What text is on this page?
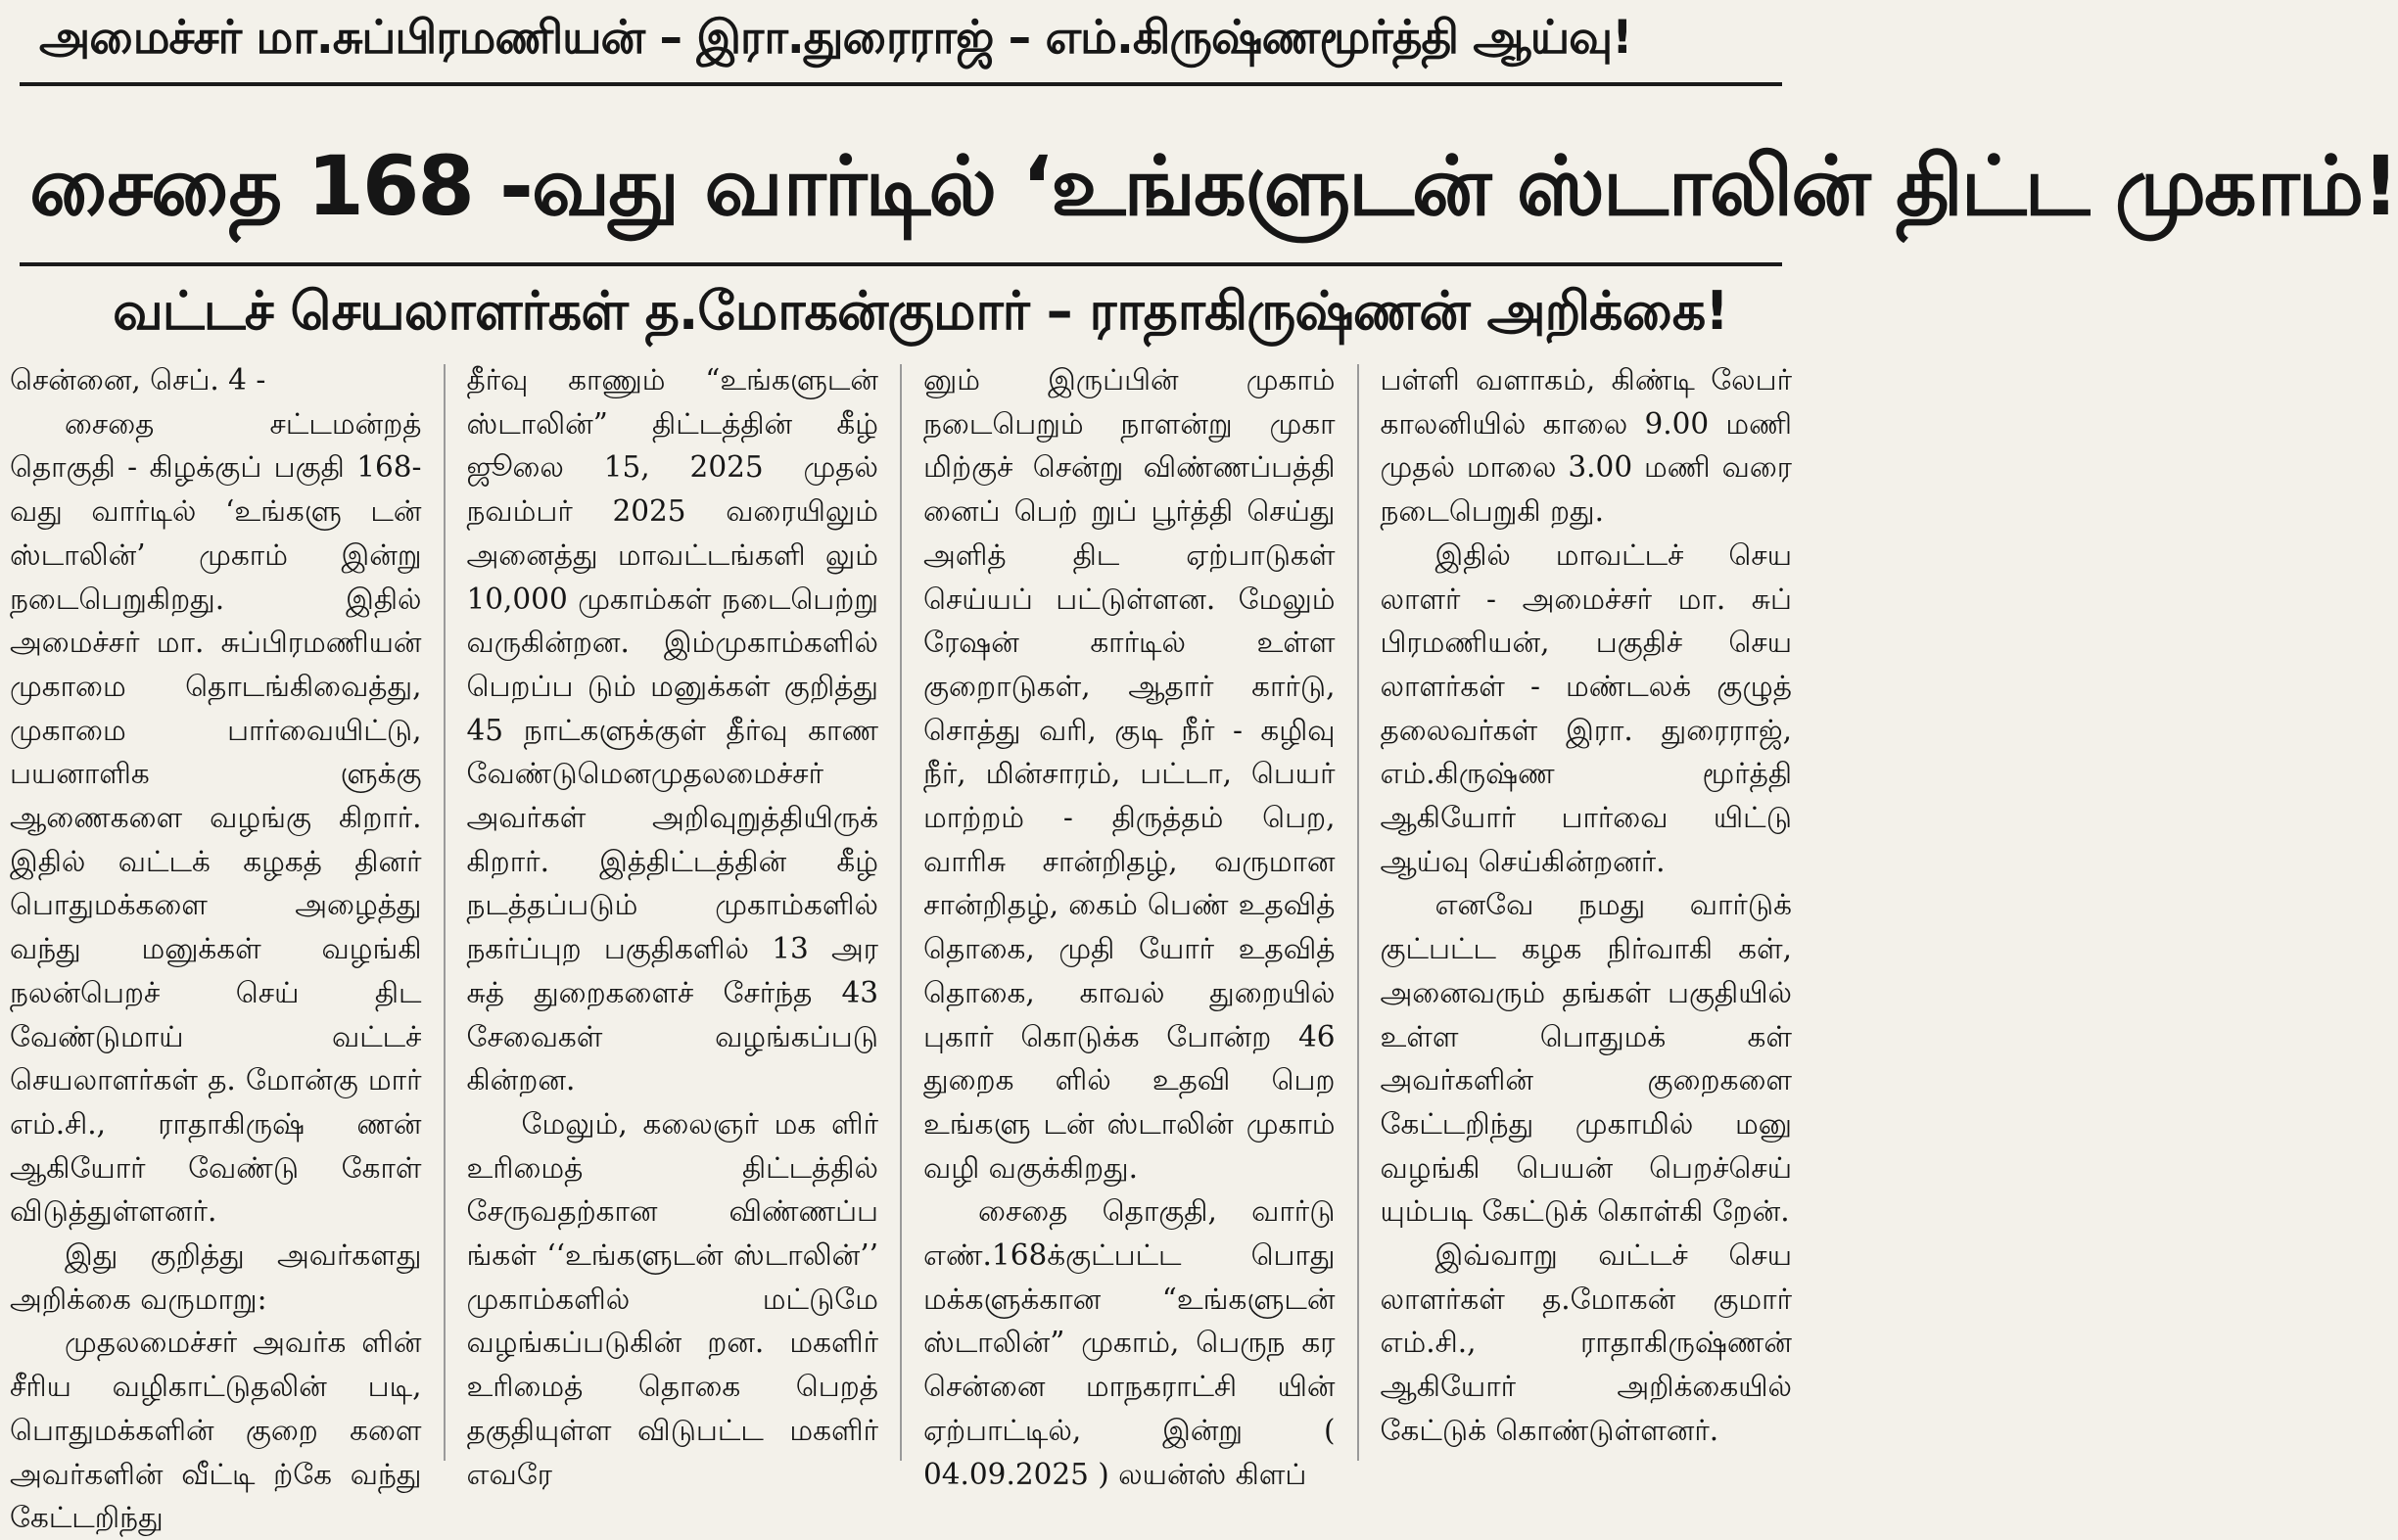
அமைச்சர் மா.சுப்பிரமணியன் – இரா.துரைராஜ் – எம்.கிருஷ்ணமூர்த்தி ஆய்வு!
சைதை 168 -வது வார்டில் ‘உங்களுடன் ஸ்டாலின் திட்ட முகாம்!
வட்டச் செயலாளர்கள் த.மோகன்குமார் – ராதாகிருஷ்ணன் அறிக்கை!

சென்னை, செப். 4 -

சைதை சட்டமன்றத் தொகுதி - கிழக்குப் பகுதி 168-வது வார்டில் ‘உங்களு டன் ஸ்டாலின்’ முகாம் இன்று நடைபெறுகிறது. இதில் அமைச்சர் மா. சுப்பிரமணியன் முகாமை தொடங்கிவைத்து, முகாமை பார்வையிட்டு, பயனாளிக ளுக்கு ஆணைகளை வழங்கு கிறார். இதில் வட்டக் கழகத் தினர் பொதுமக்களை அழைத்து வந்து மனுக்கள் வழங்கி நலன்பெறச் செய் திட வேண்டுமாய் வட்டச் செயலாளர்கள் த. மோன்கு மார் எம்.சி., ராதாகிருஷ் ணன் ஆகியோர் வேண்டு கோள் விடுத்துள்ளனர்.

இது குறித்து அவர்களது அறிக்கை வருமாறு:

முதலமைச்சர் அவர்க ளின் சீரிய வழிகாட்டுதலின் படி, பொதுமக்களின் குறை களை அவர்களின் வீட்டி ற்கே வந்து கேட்டறிந்து

தீர்வு காணும் “உங்களுடன் ஸ்டாலின்” திட்டத்தின் கீழ் ஜூலை 15, 2025 முதல் நவம்பர் 2025 வரையிலும் அனைத்து மாவட்டங்களி லும் 10,000 முகாம்கள் நடைபெற்று வருகின்றன. இம்முகாம்களில் பெறப்ப டும் மனுக்கள் குறித்து 45 நாட்களுக்குள் தீர்வு காண வேண்டுமெனமுதலமைச்சர் அவர்கள் அறிவுறுத்தியிருக் கிறார். இத்திட்டத்தின் கீழ் நடத்தப்படும் முகாம்களில் நகர்ப்புற பகுதிகளில் 13 அர சுத் துறைகளைச் சேர்ந்த 43 சேவைகள் வழங்கப்படு கின்றன.

மேலும், கலைஞர் மக ளிர் உரிமைத் திட்டத்தில் சேருவதற்கான விண்ணப்ப ங்கள் ‘‘உங்களுடன் ஸ்டாலின்’’ முகாம்களில் மட்டுமே வழங்கப்படுகின் றன. மகளிர் உரிமைத் தொகை பெறத் தகுதியுள்ள விடுபட்ட மகளிர் எவரே

னும் இருப்பின் முகாம் நடைபெறும் நாளன்று முகா மிற்குச் சென்று விண்ணப்பத்தி னைப் பெற் றுப் பூர்த்தி செய்து அளித் திட ஏற்பாடுகள் செய்யப் பட்டுள்ளன. மேலும் ரேஷன் கார்டில் உள்ள குறைாடுகள், ஆதார் கார்டு, சொத்து வரி, குடி நீர் - கழிவு நீர், மின்சாரம், பட்டா, பெயர் மாற்றம் - திருத்தம் பெற, வாரிசு சான்றிதழ், வருமான சான்றிதழ், கைம் பெண் உதவித் தொகை, முதி யோர் உதவித் தொகை, காவல் துறையில் புகார் கொடுக்க போன்ற 46 துறைக ளில் உதவி பெற உங்களு டன் ஸ்டாலின் முகாம் வழி வகுக்கிறது.

சைதை தொகுதி, வார்டு எண்.168க்குட்பட்ட பொது மக்களுக்கான “உங்களுடன் ஸ்டாலின்” முகாம், பெருந கர சென்னை மாநகராட்சி யின் ஏற்பாட்டில், இன்று ( 04.09.2025 ) லயன்ஸ் கிளப்

பள்ளி வளாகம், கிண்டி லேபர் காலனியில் காலை 9.00 மணி முதல் மாலை 3.00 மணி வரை நடைபெறுகி றது.

இதில் மாவட்டச் செய லாளர் - அமைச்சர் மா. சுப் பிரமணியன், பகுதிச் செய லாளர்கள் - மண்டலக் குழுத் தலைவர்கள் இரா. துரைராஜ், எம்.கிருஷ்ண மூர்த்தி ஆகியோர் பார்வை யிட்டு ஆய்வு செய்கின்றனர்.

எனவே நமது வார்டுக் குட்பட்ட கழக நிர்வாகி கள், அனைவரும் தங்கள் பகுதியில் உள்ள பொதுமக் கள் அவர்களின் குறைகளை கேட்டறிந்து முகாமில் மனு வழங்கி பெயன் பெறச்செய் யும்படி கேட்டுக் கொள்கி றேன்.

இவ்வாறு வட்டச் செய லாளர்கள் த.மோகன் குமார் எம்.சி., ராதாகிருஷ்ணன் ஆகியோர் அறிக்கையில் கேட்டுக் கொண்டுள்ளனர்.
